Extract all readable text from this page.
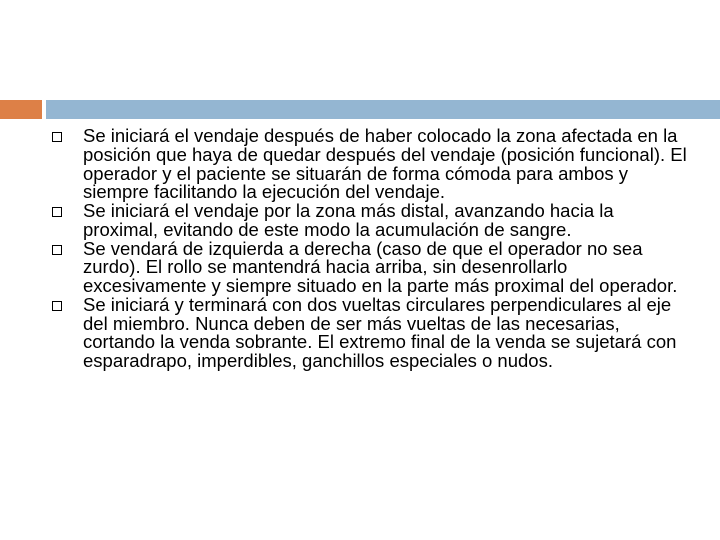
Se iniciará el vendaje después de haber colocado la zona afectada en la posición que haya de quedar después del vendaje (posición funcional). El operador y el paciente se situarán de forma cómoda para ambos y siempre facilitando la ejecución del vendaje.
Se iniciará el vendaje por la zona más distal, avanzando hacia la proximal, evitando de este modo la acumulación de sangre.
Se vendará de izquierda a derecha (caso de que el operador no sea zurdo). El rollo se mantendrá hacia arriba, sin desenrollarlo excesivamente y siempre situado en la parte más proximal del operador.
Se iniciará y terminará con dos vueltas circulares perpendiculares al eje del miembro. Nunca deben de ser más vueltas de las necesarias, cortando la venda sobrante. El extremo final de la venda se sujetará con esparadrapo, imperdibles, ganchillos especiales o nudos.
